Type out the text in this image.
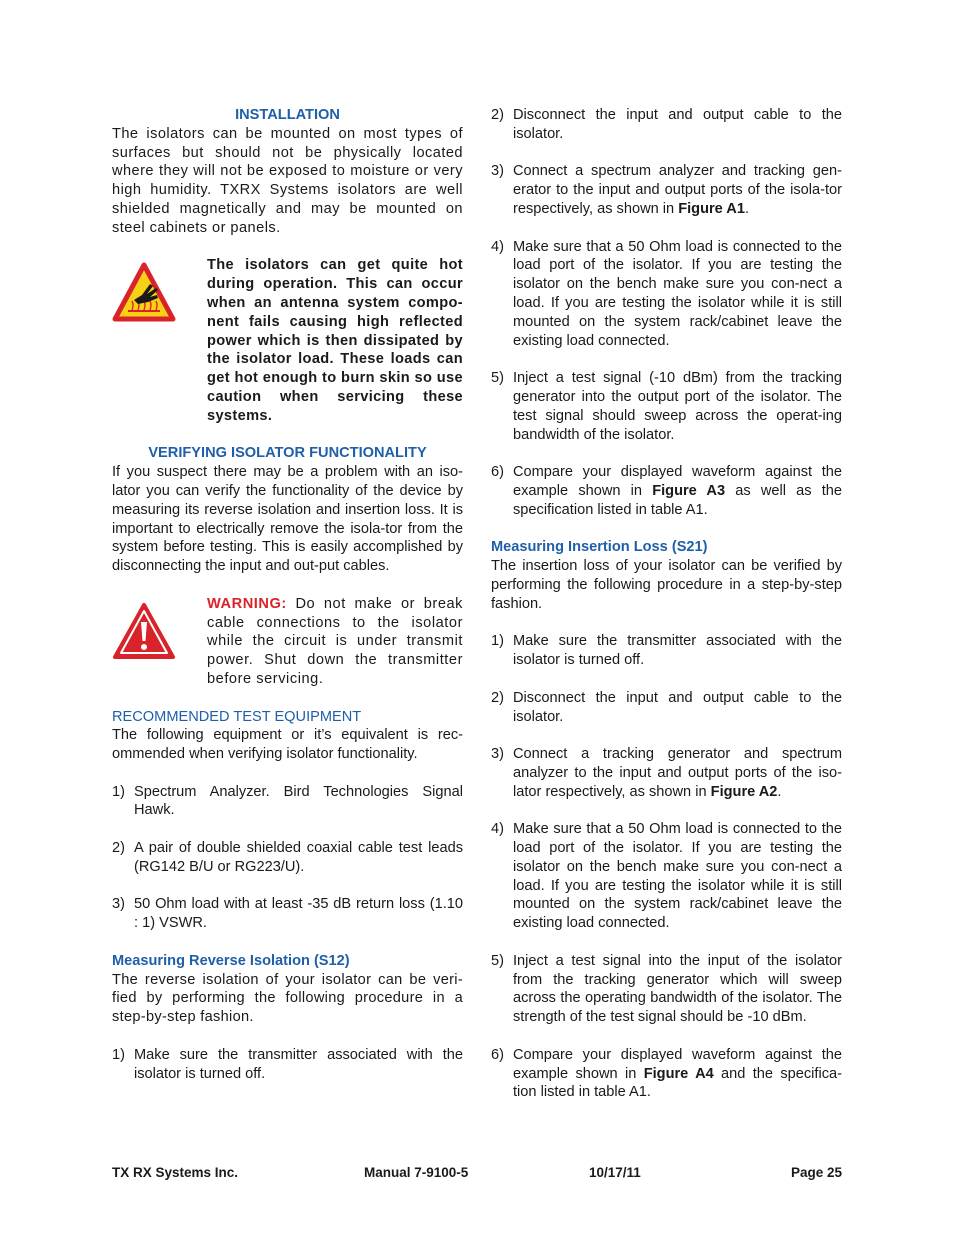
INSTALLATION

The isolators can be mounted on most types of surfaces but should not be physically located where they will not be exposed to moisture or very high humidity. TXRX Systems isolators are well shielded magnetically and may be mounted on steel cabinets or panels.

The isolators can get quite hot during operation. This can occur when an antenna system compo-nent fails causing high reflected power which is then dissipated by the isolator load. These loads can get hot enough to burn skin so use caution when servicing these systems.

VERIFYING ISOLATOR FUNCTIONALITY

If you suspect there may be a problem with an iso-lator you can verify the functionality of the device by measuring its reverse isolation and insertion loss. It is important to electrically remove the isola-tor from the system before testing. This is easily accomplished by disconnecting the input and out-put cables.

WARNING: Do not make or break cable connections to the isolator while the circuit is under transmit power. Shut down the transmitter before servicing.

RECOMMENDED TEST EQUIPMENT

The following equipment or it’s equivalent is rec-ommended when verifying isolator functionality.

1) Spectrum Analyzer. Bird Technologies Signal Hawk.
2) A pair of double shielded coaxial cable test leads (RG142 B/U or RG223/U).
3) 50 Ohm load with at least -35 dB return loss (1.10 : 1) VSWR.
Measuring Reverse Isolation (S12)

The reverse isolation of your isolator can be veri-fied by performing the following procedure in a step-by-step fashion.

1) Make sure the transmitter associated with the isolator is turned off.
2) Disconnect the input and output cable to the isolator.
3) Connect a spectrum analyzer and tracking gen-erator to the input and output ports of the isola-tor respectively, as shown in Figure A1.
4) Make sure that a 50 Ohm load is connected to the load port of the isolator. If you are testing the isolator on the bench make sure you con-nect a load. If you are testing the isolator while it is still mounted on the system rack/cabinet leave the existing load connected.
5) Inject a test signal (-10 dBm) from the tracking generator into the output port of the isolator. The test signal should sweep across the operat-ing bandwidth of the isolator.
6) Compare your displayed waveform against the example shown in Figure A3 as well as the specification listed in table A1.
Measuring Insertion Loss (S21)

The insertion loss of your isolator can be verified by performing the following procedure in a step-by-step fashion.

1) Make sure the transmitter associated with the isolator is turned off.
2) Disconnect the input and output cable to the isolator.
3) Connect a tracking generator and spectrum analyzer to the input and output ports of the iso-lator respectively, as shown in Figure A2.
4) Make sure that a 50 Ohm load is connected to the load port of the isolator. If you are testing the isolator on the bench make sure you con-nect a load. If you are testing the isolator while it is still mounted on the system rack/cabinet leave the existing load connected.
5) Inject a test signal into the input of the isolator from the tracking generator which will sweep across the operating bandwidth of the isolator. The strength of the test signal should be -10 dBm.
6) Compare your displayed waveform against the example shown in Figure A4 and the specifica-tion listed in table A1.
TX RX Systems Inc.	Manual 7-9100-5	10/17/11	Page 25
